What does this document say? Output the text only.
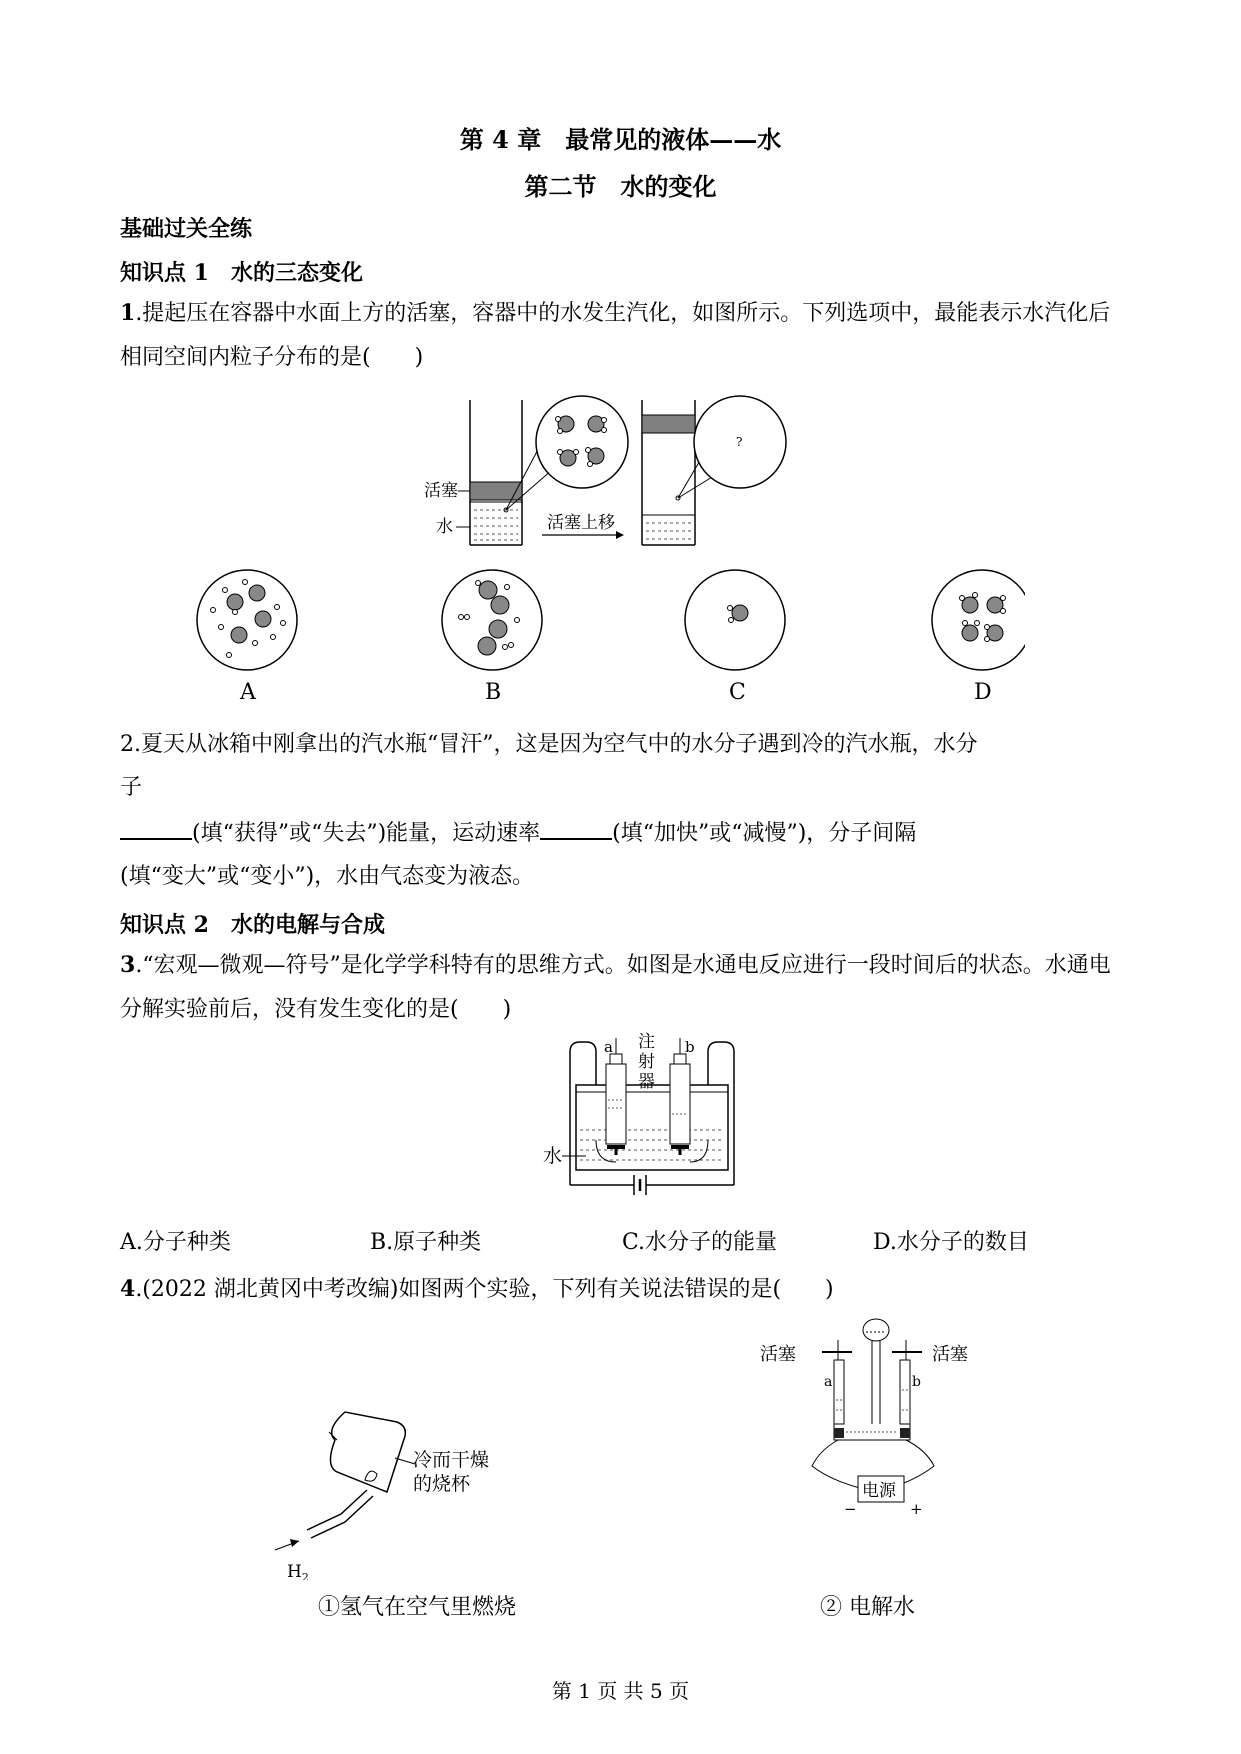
第 4 章　最常见的液体——水
第二节　水的变化
基础过关全练
知识点 1　水的三态变化
1.提起压在容器中水面上方的活塞，容器中的水发生汽化，如图所示。下列选项中，最能表示水汽化后相同空间内粒子分布的是(　　)
活塞
水
?
活塞上移
A	B	C	D
2.夏天从冰箱中刚拿出的汽水瓶“冒汗”，这是因为空气中的水分子遇到冷的汽水瓶，水分
子
(填“获得”或“失去”)能量，运动速率	(填“加快”或“减慢”)，分子间隔
(填“变大”或“变小”)，水由气态变为液态。
知识点 2　水的电解与合成
3.“宏观—微观—符号”是化学学科特有的思维方式。如图是水通电反应进行一段时间后的状态。水通电分解实验前后，没有发生变化的是(　　)
水
a	b
注
射
器
A.分子种类	B.原子种类	C.水分子的能量	D.水分子的数目
4.(2022 湖北黄冈中考改编)如图两个实验，下列有关说法错误的是(　　)
冷而干燥
的烧杯
$H_2$
①氢气在空气里燃烧
电源
−	+
活塞	活塞
a	b
② 电解水
第 1 页 共 5 页
